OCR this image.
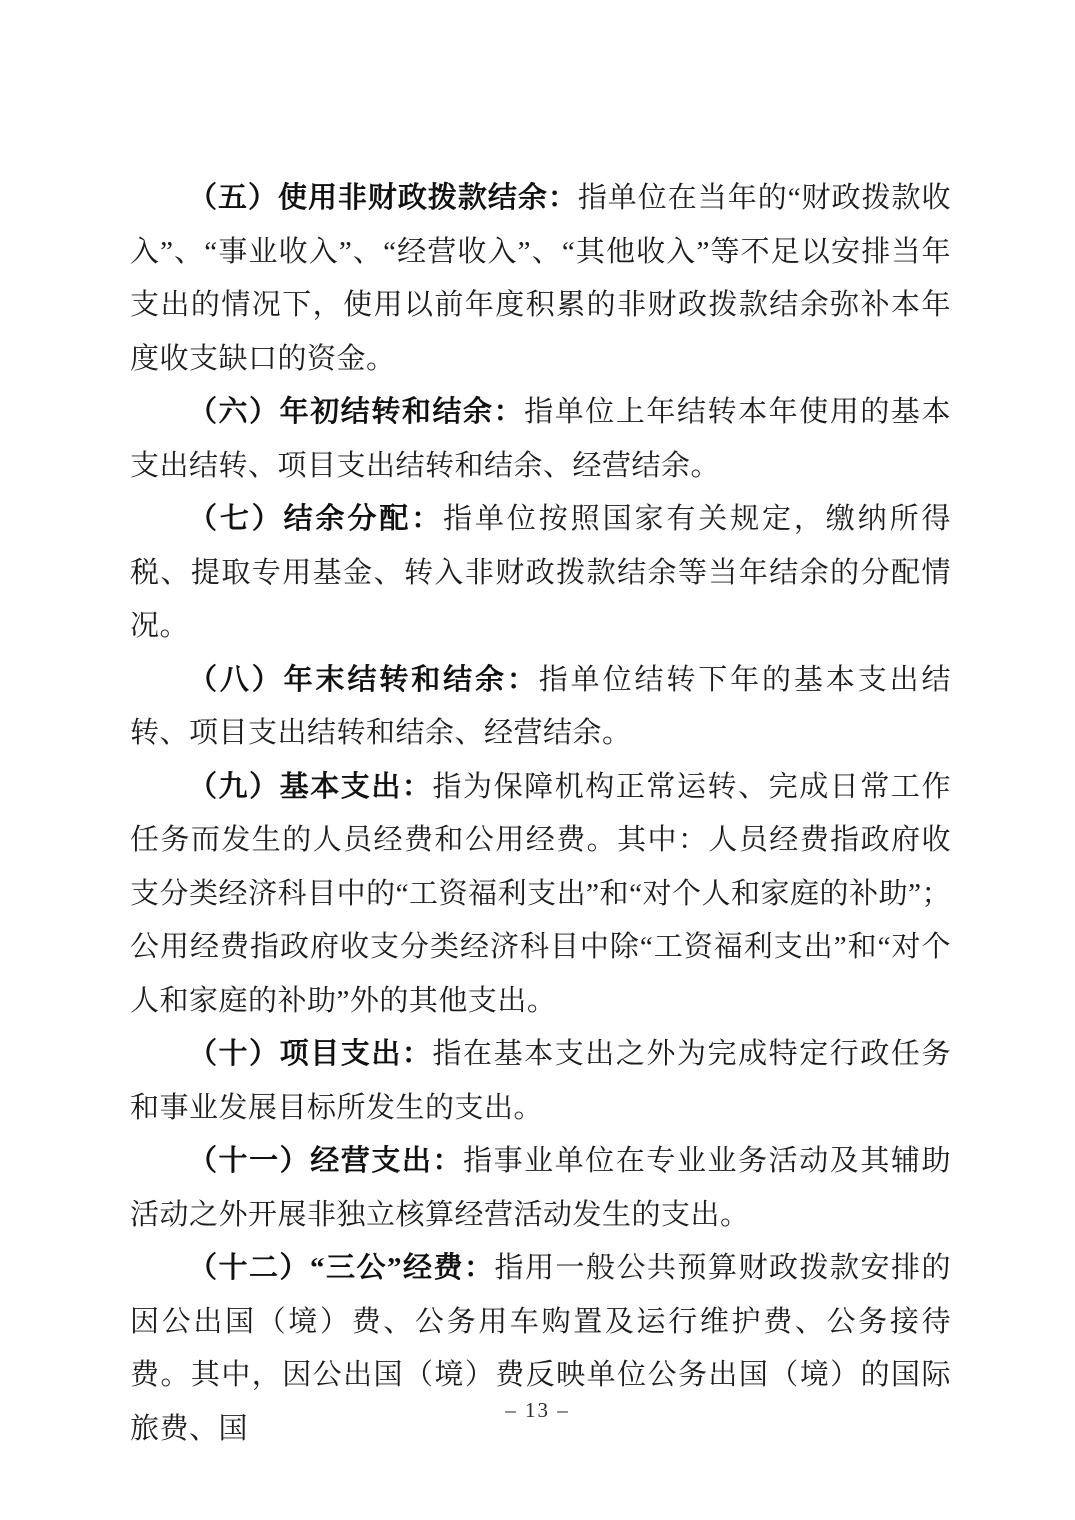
（五）使用非财政拨款结余：指单位在当年的“财政拨款收入”、“事业收入”、“经营收入”、“其他收入”等不足以安排当年支出的情况下，使用以前年度积累的非财政拨款结余弥补本年度收支缺口的资金。

（六）年初结转和结余：指单位上年结转本年使用的基本支出结转、项目支出结转和结余、经营结余。

（七）结余分配：指单位按照国家有关规定，缴纳所得税、提取专用基金、转入非财政拨款结余等当年结余的分配情况。

（八）年末结转和结余：指单位结转下年的基本支出结转、项目支出结转和结余、经营结余。

（九）基本支出：指为保障机构正常运转、完成日常工作任务而发生的人员经费和公用经费。其中：人员经费指政府收支分类经济科目中的“工资福利支出”和“对个人和家庭的补助”；公用经费指政府收支分类经济科目中除“工资福利支出”和“对个人和家庭的补助”外的其他支出。

（十）项目支出：指在基本支出之外为完成特定行政任务和事业发展目标所发生的支出。

（十一）经营支出：指事业单位在专业业务活动及其辅助活动之外开展非独立核算经营活动发生的支出。

（十二）“三公”经费：指用一般公共预算财政拨款安排的因公出国（境）费、公务用车购置及运行维护费、公务接待费。其中，因公出国（境）费反映单位公务出国（境）的国际旅费、国

– 13 –
